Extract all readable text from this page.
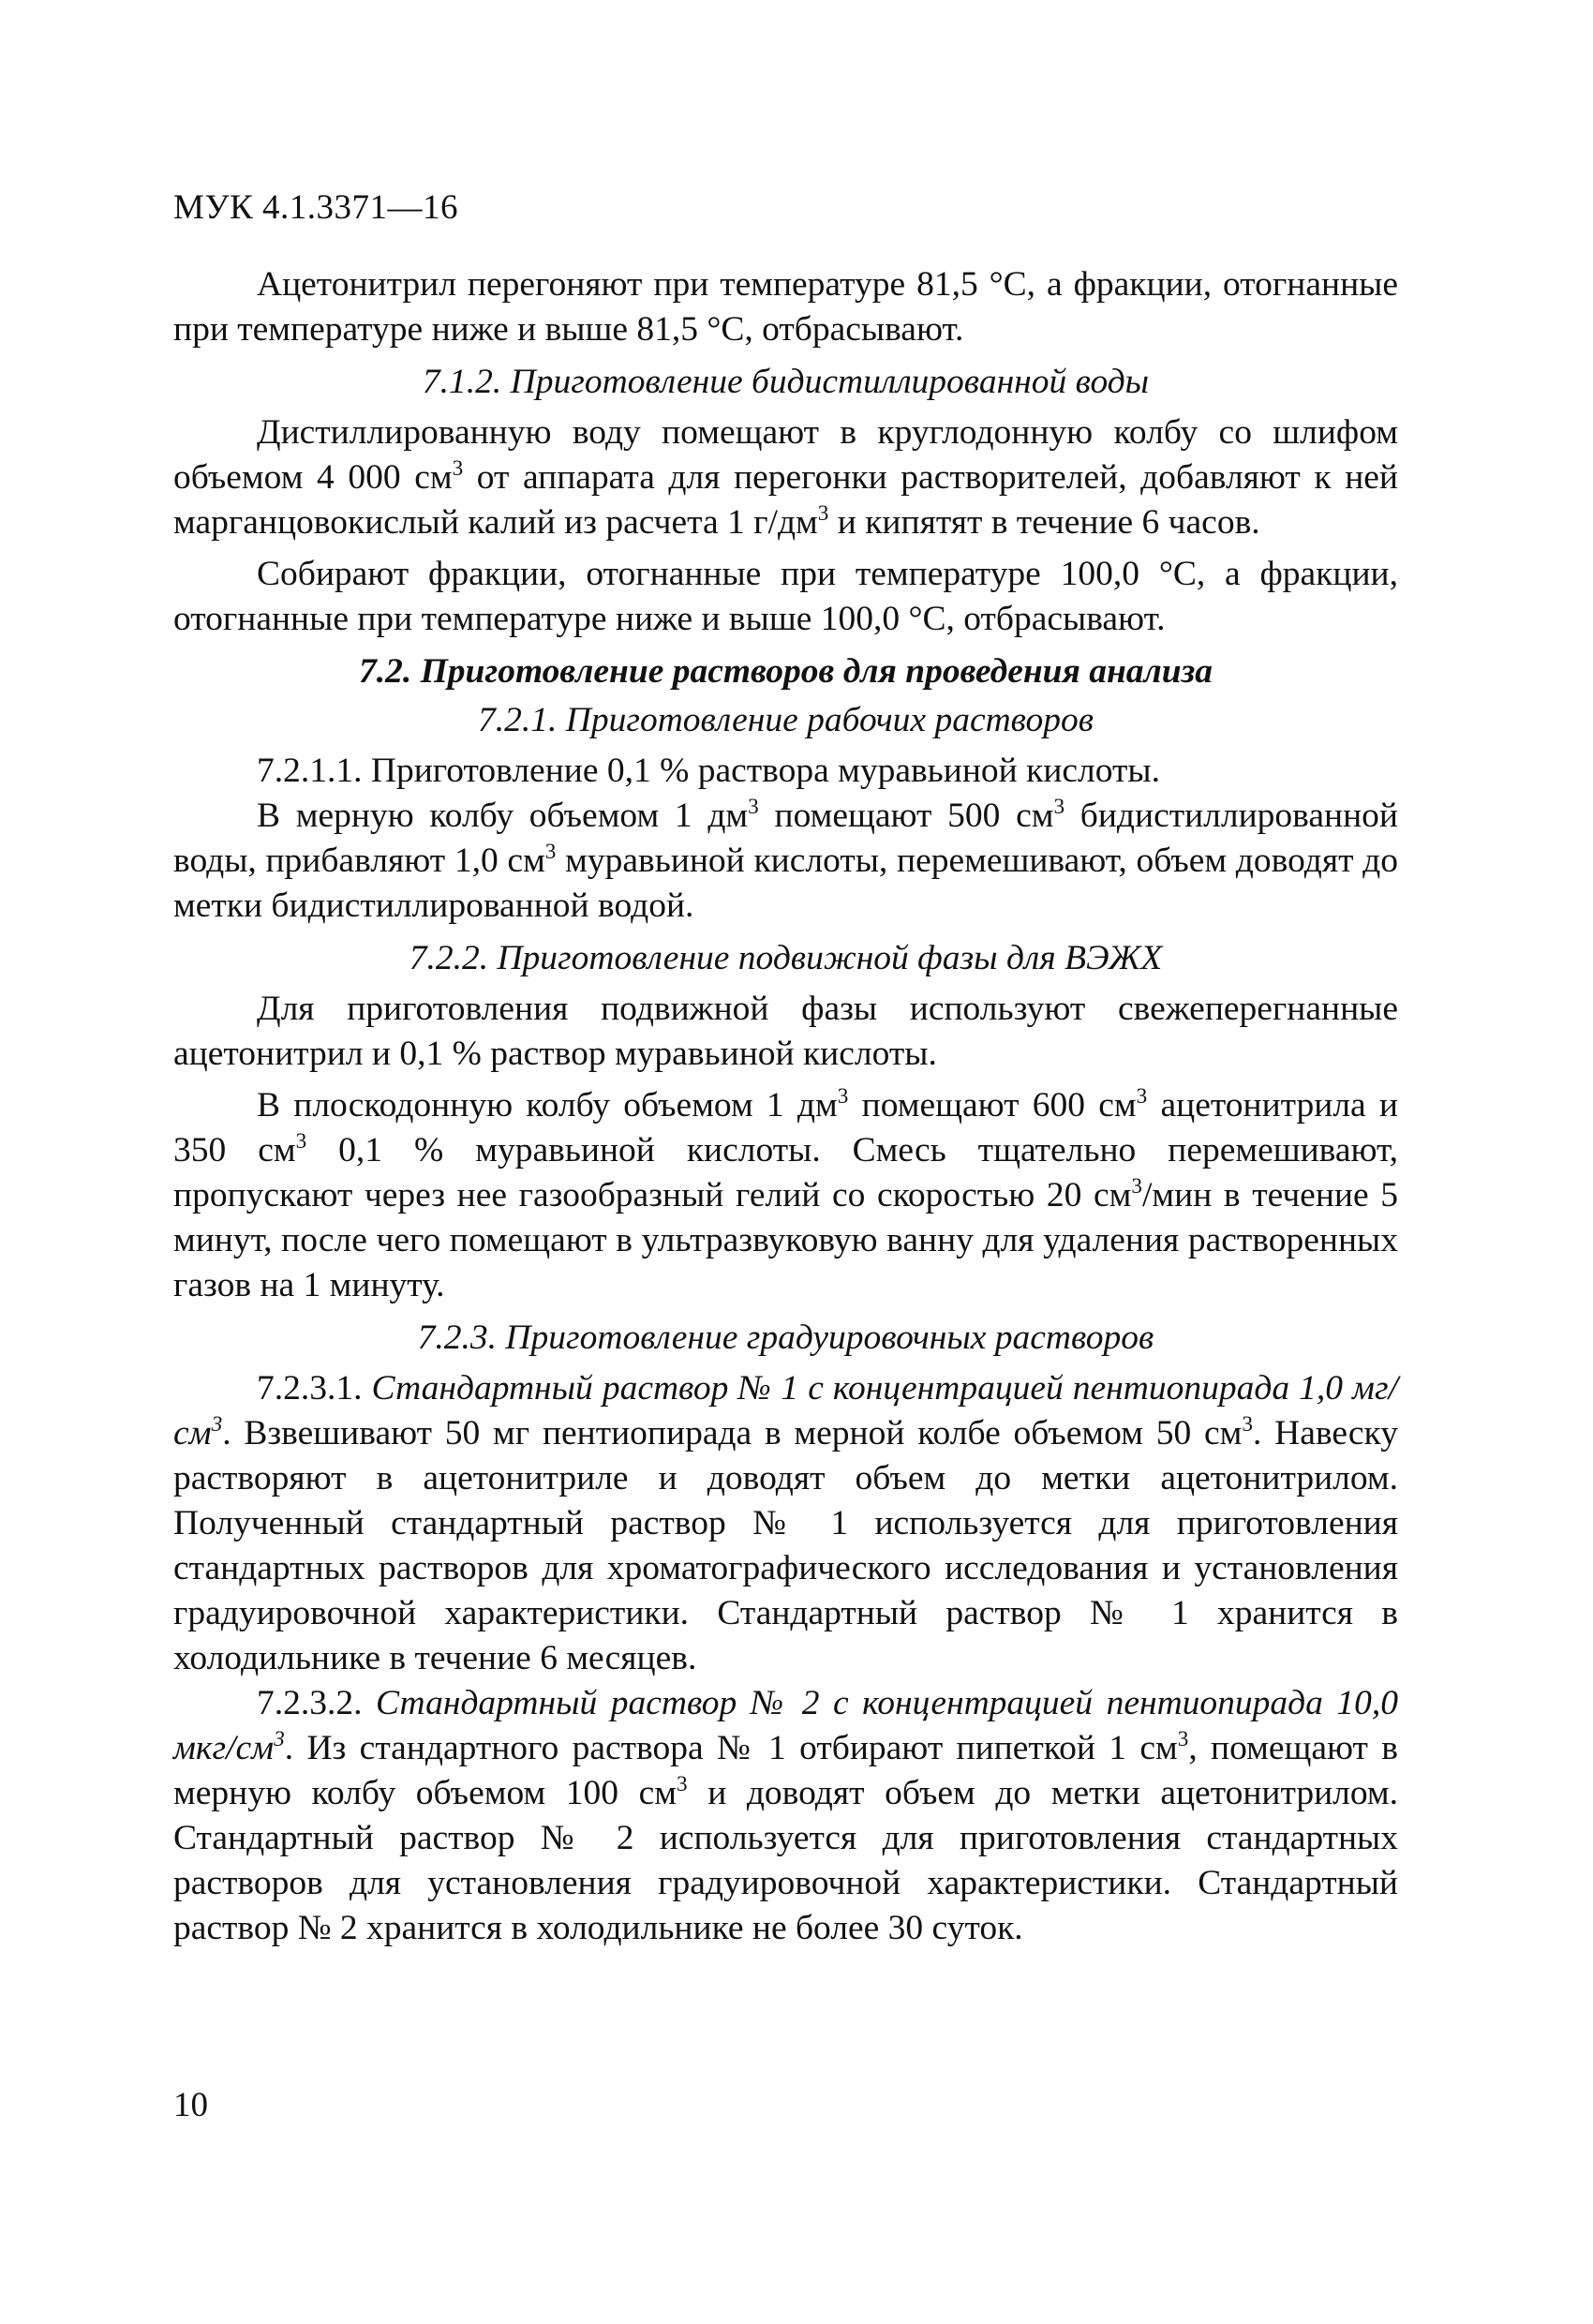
МУК 4.1.3371—16

Ацетонитрил перегоняют при температуре 81,5 °С, а фракции, отогнанные при температуре ниже и выше 81,5 °С, отбрасывают.

7.1.2. Приготовление бидистиллированной воды

Дистиллированную воду помещают в круглодонную колбу со шлифом объемом 4 000 $см^3$ от аппарата для перегонки растворителей, добавляют к ней марганцовокислый калий из расчета 1 $г/дм^3$ и кипятят в течение 6 часов.

Собирают фракции, отогнанные при температуре 100,0 °С, а фракции, отогнанные при температуре ниже и выше 100,0 °С, отбрасывают.

7.2. Приготовление растворов для проведения анализа

7.2.1. Приготовление рабочих растворов

7.2.1.1. Приготовление 0,1 % раствора муравьиной кислоты.

В мерную колбу объемом 1 $дм^3$ помещают 500 $см^3$ бидистиллированной воды, прибавляют 1,0 $см^3$ муравьиной кислоты, перемешивают, объем доводят до метки бидистиллированной водой.

7.2.2. Приготовление подвижной фазы для ВЭЖХ

Для приготовления подвижной фазы используют свежеперегнанные ацетонитрил и 0,1 % раствор муравьиной кислоты.

В плоскодонную колбу объемом 1 $дм^3$ помещают 600 $см^3$ ацетонитрила и 350 $см^3$ 0,1 % муравьиной кислоты. Смесь тщательно перемешивают, пропускают через нее газообразный гелий со скоростью 20 $см^3$/мин в течение 5 минут, после чего помещают в ультразвуковую ванну для удаления растворенных газов на 1 минуту.

7.2.3. Приготовление градуировочных растворов

7.2.3.1. Стандартный раствор № 1 с концентрацией пентиопирада 1,0 $мг/см^3$. Взвешивают 50 мг пентиопирада в мерной колбе объемом 50 $см^3$. Навеску растворяют в ацетонитриле и доводят объем до метки ацетонитрилом. Полученный стандартный раствор № 1 используется для приготовления стандартных растворов для хроматографического исследования и установления градуировочной характеристики. Стандартный раствор № 1 хранится в холодильнике в течение 6 месяцев.

7.2.3.2. Стандартный раствор № 2 с концентрацией пентиопирада 10,0 мкг/$см^3$. Из стандартного раствора № 1 отбирают пипеткой 1 $см^3$, помещают в мерную колбу объемом 100 $см^3$ и доводят объем до метки ацетонитрилом. Стандартный раствор № 2 используется для приготовления стандартных растворов для установления градуировочной характеристики. Стандартный раствор № 2 хранится в холодильнике не более 30 суток.

10
